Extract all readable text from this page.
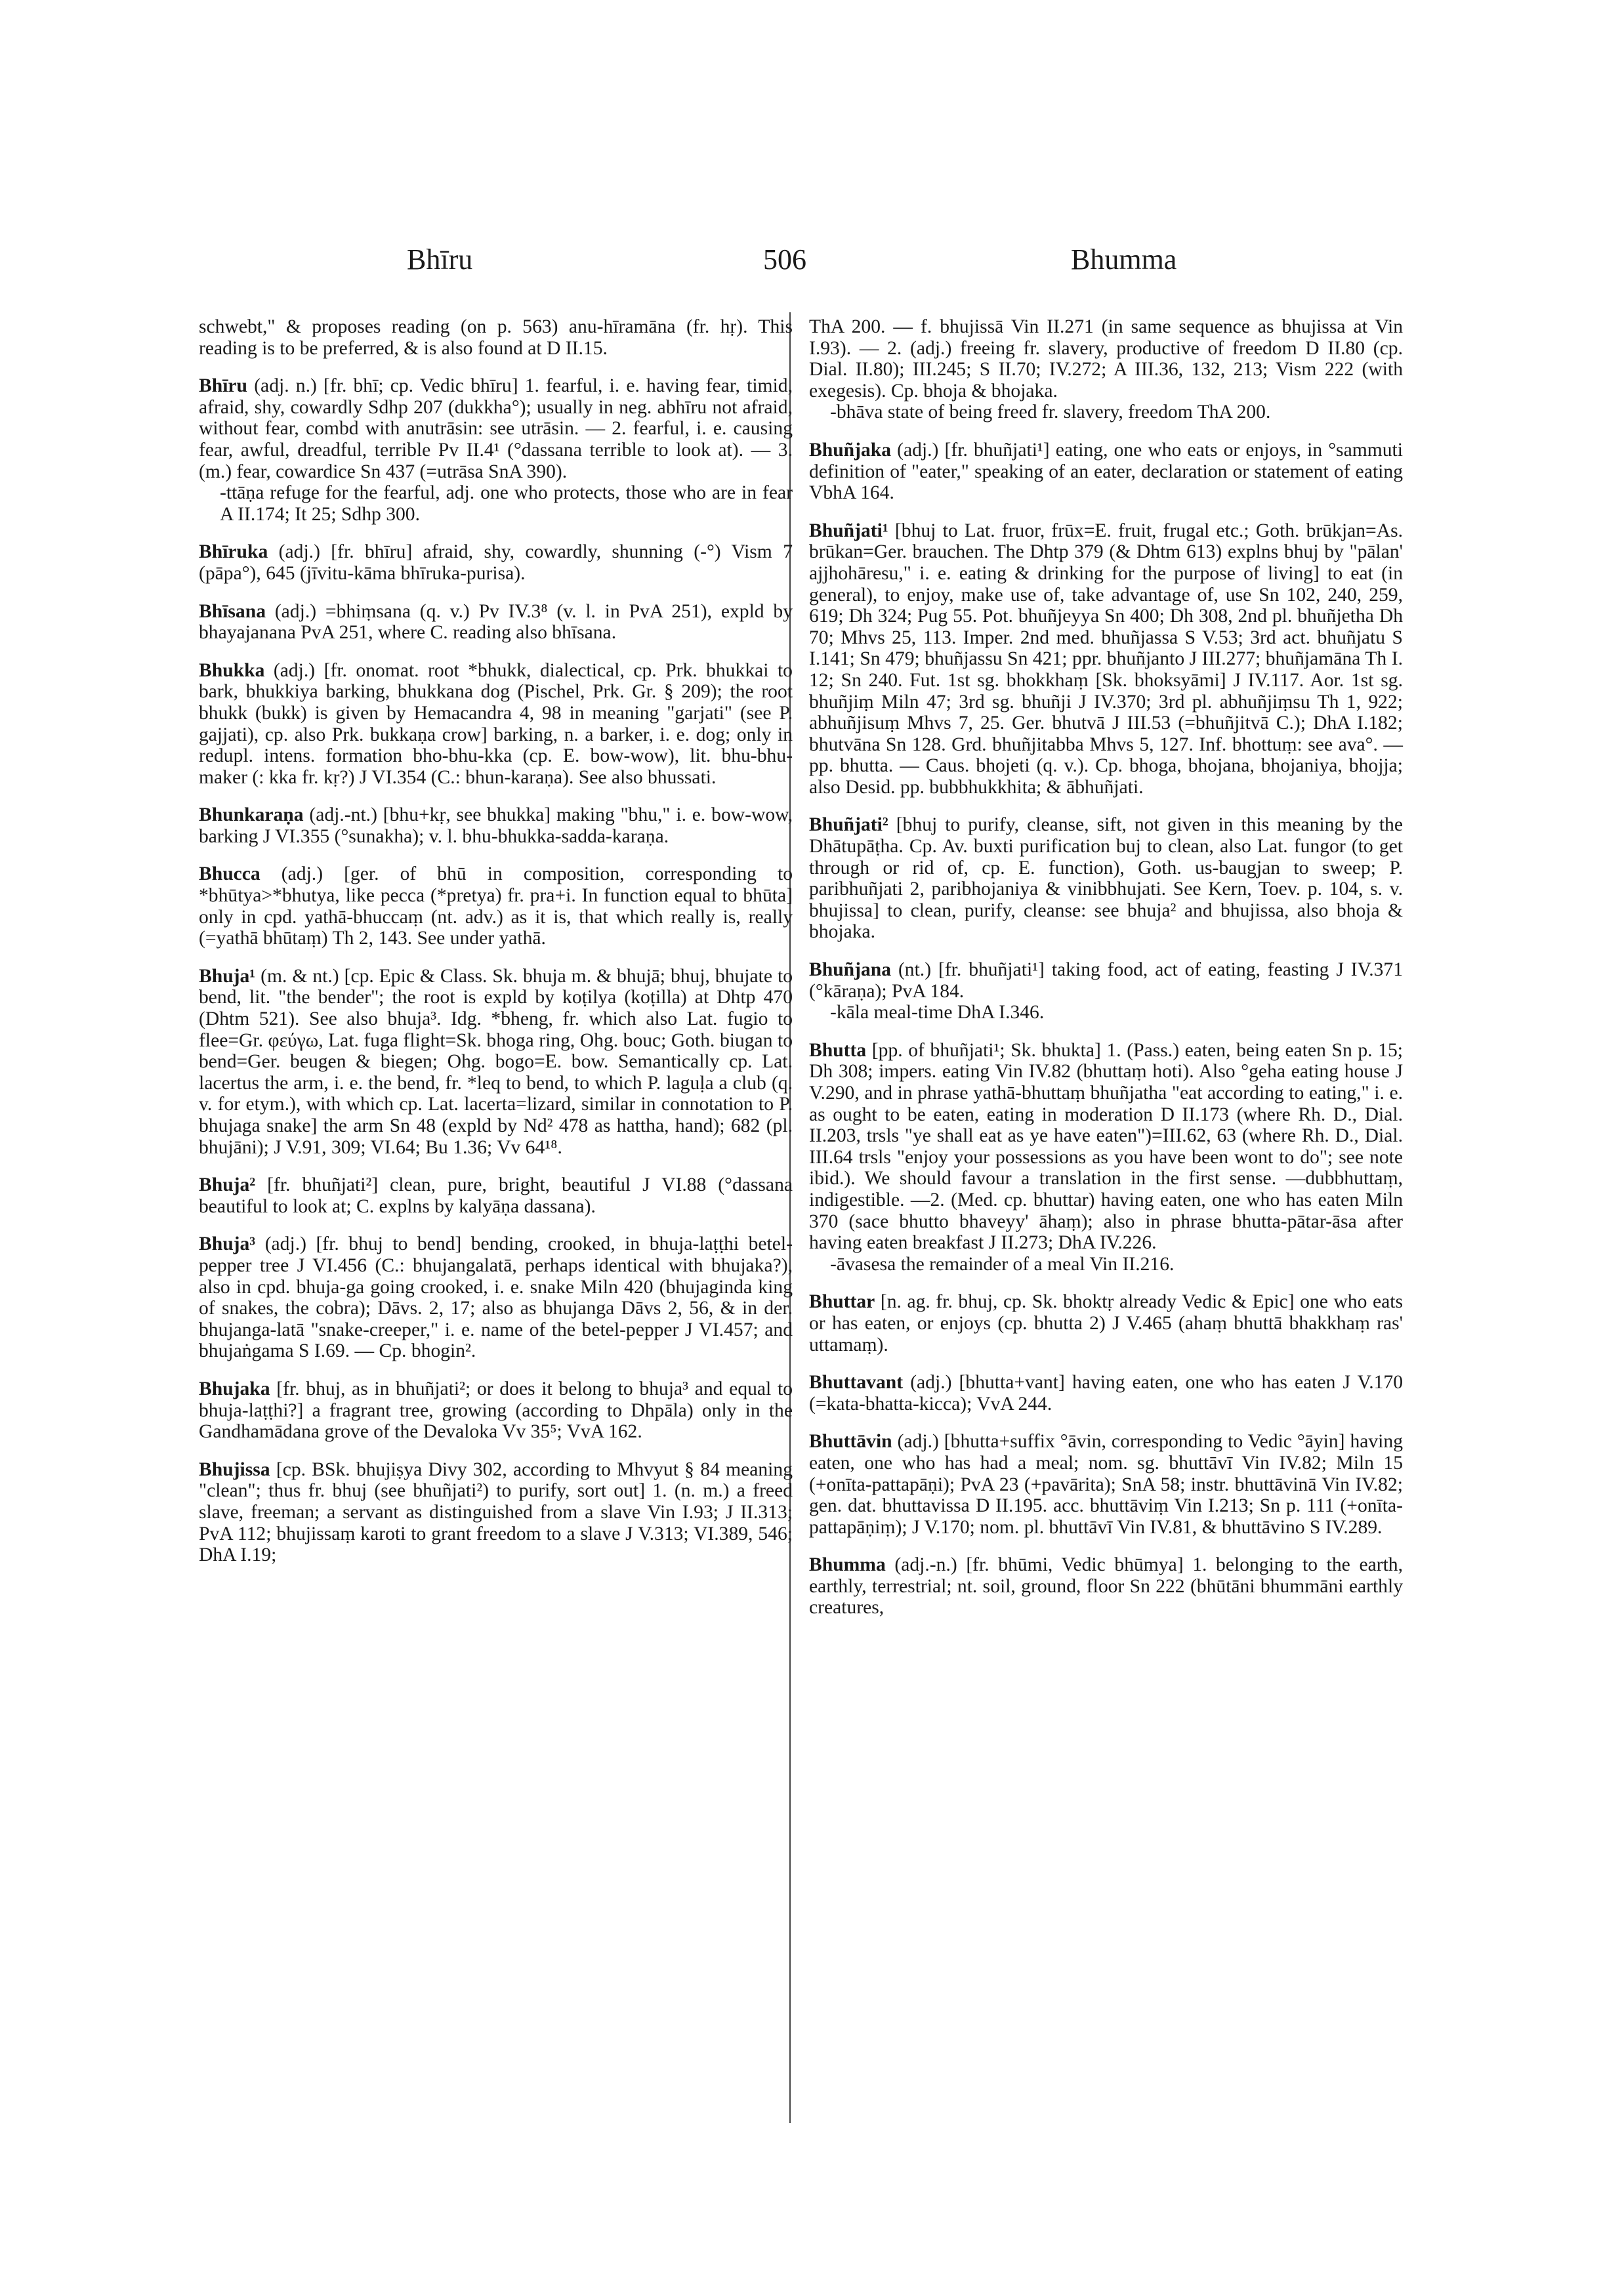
Bhīru	506	Bhumma

schwebt," & proposes reading (on p. 563) anu-hīramāna (fr. hṛ). This reading is to be preferred, & is also found at D II.15.

Bhīru (adj. n.) [fr. bhī; cp. Vedic bhīru] 1. fearful, i. e. having fear, timid, afraid, shy, cowardly Sdhp 207 (dukkha°); usually in neg. abhīru not afraid, without fear, combd with anutrāsin: see utrāsin. — 2. fearful, i. e. causing fear, awful, dreadful, terrible Pv II.4¹ (°dassana terrible to look at). — 3. (m.) fear, cowardice Sn 437 (=utrāsa SnA 390).
-ttāṇa refuge for the fearful, adj. one who protects, those who are in fear A II.174; It 25; Sdhp 300.

Bhīruka (adj.) [fr. bhīru] afraid, shy, cowardly, shunning (-°) Vism 7 (pāpa°), 645 (jīvitu-kāma bhīruka-purisa).

Bhīsana (adj.) =bhiṃsana (q. v.) Pv IV.3⁸ (v. l. in PvA 251), expld by bhayajanana PvA 251, where C. reading also bhīsana.

Bhukka (adj.) [fr. onomat. root *bhukk, dialectical, cp. Prk. bhukkai to bark, bhukkiya barking, bhukkana dog (Pischel, Prk. Gr. § 209); the root bhukk (bukk) is given by Hemacandra 4, 98 in meaning "garjati" (see P. gajjati), cp. also Prk. bukkaṇa crow] barking, n. a barker, i. e. dog; only in redupl. intens. formation bho-bhu-kka (cp. E. bow-wow), lit. bhu-bhu-maker (: kka fr. kṛ?) J VI.354 (C.: bhun-karaṇa). See also bhussati.

Bhunkaraṇa (adj.-nt.) [bhu+kṛ, see bhukka] making "bhu," i. e. bow-wow, barking J VI.355 (°sunakha); v. l. bhu-bhukka-sadda-karaṇa.

Bhucca (adj.) [ger. of bhū in composition, corresponding to *bhūtya>*bhutya, like pecca (*pretya) fr. pra+i. In function equal to bhūta] only in cpd. yathā-bhuccaṃ (nt. adv.) as it is, that which really is, really (=yathā bhūtaṃ) Th 2, 143. See under yathā.

Bhuja¹ (m. & nt.) [cp. Epic & Class. Sk. bhuja m. & bhujā; bhuj, bhujate to bend, lit. "the bender"; the root is expld by koṭilya (koṭilla) at Dhtp 470 (Dhtm 521). See also bhuja³. Idg. *bheng, fr. which also Lat. fugio to flee=Gr. φεύγω, Lat. fuga flight=Sk. bhoga ring, Ohg. bouc; Goth. biugan to bend=Ger. beugen & biegen; Ohg. bogo=E. bow. Semantically cp. Lat. lacertus the arm, i. e. the bend, fr. *leq to bend, to which P. laguḷa a club (q. v. for etym.), with which cp. Lat. lacerta=lizard, similar in connotation to P. bhujaga snake] the arm Sn 48 (expld by Nd² 478 as hattha, hand); 682 (pl. bhujāni); J V.91, 309; VI.64; Bu 1.36; Vv 64¹⁸.

Bhuja² [fr. bhuñjati²] clean, pure, bright, beautiful J VI.88 (°dassana beautiful to look at; C. explns by kalyāṇa dassana).

Bhuja³ (adj.) [fr. bhuj to bend] bending, crooked, in bhuja-laṭṭhi betel-pepper tree J VI.456 (C.: bhujangalatā, perhaps identical with bhujaka?), also in cpd. bhuja-ga going crooked, i. e. snake Miln 420 (bhujaginda king of snakes, the cobra); Dāvs. 2, 17; also as bhujanga Dāvs 2, 56, & in der. bhujanga-latā "snake-creeper," i. e. name of the betel-pepper J VI.457; and bhujaṅgama S I.69. — Cp. bhogin².

Bhujaka [fr. bhuj, as in bhuñjati²; or does it belong to bhuja³ and equal to bhuja-laṭṭhi?] a fragrant tree, growing (according to Dhpāla) only in the Gandhamādana grove of the Devaloka Vv 35⁵; VvA 162.

Bhujissa [cp. BSk. bhujiṣya Divy 302, according to Mhvyut § 84 meaning "clean"; thus fr. bhuj (see bhuñjati²) to purify, sort out] 1. (n. m.) a freed slave, freeman; a servant as distinguished from a slave Vin I.93; J II.313; PvA 112; bhujissaṃ karoti to grant freedom to a slave J V.313; VI.389, 546; DhA I.19;

ThA 200. — f. bhujissā Vin II.271 (in same sequence as bhujissa at Vin I.93). — 2. (adj.) freeing fr. slavery, productive of freedom D II.80 (cp. Dial. II.80); III.245; S II.70; IV.272; A III.36, 132, 213; Vism 222 (with exegesis). Cp. bhoja & bhojaka.
-bhāva state of being freed fr. slavery, freedom ThA 200.

Bhuñjaka (adj.) [fr. bhuñjati¹] eating, one who eats or enjoys, in °sammuti definition of "eater," speaking of an eater, declaration or statement of eating VbhA 164.

Bhuñjati¹ [bhuj to Lat. fruor, frūx=E. fruit, frugal etc.; Goth. brūkjan=As. brūkan=Ger. brauchen. The Dhtp 379 (& Dhtm 613) explns bhuj by "pālan' ajjhohāresu," i. e. eating & drinking for the purpose of living] to eat (in general), to enjoy, make use of, take advantage of, use Sn 102, 240, 259, 619; Dh 324; Pug 55. Pot. bhuñjeyya Sn 400; Dh 308, 2nd pl. bhuñjetha Dh 70; Mhvs 25, 113. Imper. 2nd med. bhuñjassa S V.53; 3rd act. bhuñjatu S I.141; Sn 479; bhuñjassu Sn 421; ppr. bhuñjanto J III.277; bhuñjamāna Th I. 12; Sn 240. Fut. 1st sg. bhokkhaṃ [Sk. bhoksyāmi] J IV.117. Aor. 1st sg. bhuñjiṃ Miln 47; 3rd sg. bhuñji J IV.370; 3rd pl. abhuñjiṃsu Th 1, 922; abhuñjisuṃ Mhvs 7, 25. Ger. bhutvā J III.53 (=bhuñjitvā C.); DhA I.182; bhutvāna Sn 128. Grd. bhuñjitabba Mhvs 5, 127. Inf. bhottuṃ: see ava°. — pp. bhutta. — Caus. bhojeti (q. v.). Cp. bhoga, bhojana, bhojaniya, bhojja; also Desid. pp. bubbhukkhita; & ābhuñjati.

Bhuñjati² [bhuj to purify, cleanse, sift, not given in this meaning by the Dhātupāṭha. Cp. Av. buxti purification buj to clean, also Lat. fungor (to get through or rid of, cp. E. function), Goth. us-baugjan to sweep; P. paribhuñjati 2, paribhojaniya & vinibbhujati. See Kern, Toev. p. 104, s. v. bhujissa] to clean, purify, cleanse: see bhuja² and bhujissa, also bhoja & bhojaka.

Bhuñjana (nt.) [fr. bhuñjati¹] taking food, act of eating, feasting J IV.371 (°kāraṇa); PvA 184.
-kāla meal-time DhA I.346.

Bhutta [pp. of bhuñjati¹; Sk. bhukta] 1. (Pass.) eaten, being eaten Sn p. 15; Dh 308; impers. eating Vin IV.82 (bhuttaṃ hoti). Also °geha eating house J V.290, and in phrase yathā-bhuttaṃ bhuñjatha "eat according to eating," i. e. as ought to be eaten, eating in moderation D II.173 (where Rh. D., Dial. II.203, trsls "ye shall eat as ye have eaten")=III.62, 63 (where Rh. D., Dial. III.64 trsls "enjoy your possessions as you have been wont to do"; see note ibid.). We should favour a translation in the first sense. —dubbhuttaṃ, indigestible. —2. (Med. cp. bhuttar) having eaten, one who has eaten Miln 370 (sace bhutto bhaveyy' āhaṃ); also in phrase bhutta-pātar-āsa after having eaten breakfast J II.273; DhA IV.226.
-āvasesa the remainder of a meal Vin II.216.

Bhuttar [n. ag. fr. bhuj, cp. Sk. bhoktṛ already Vedic & Epic] one who eats or has eaten, or enjoys (cp. bhutta 2) J V.465 (ahaṃ bhuttā bhakkhaṃ ras' uttamaṃ).

Bhuttavant (adj.) [bhutta+vant] having eaten, one who has eaten J V.170 (=kata-bhatta-kicca); VvA 244.

Bhuttāvin (adj.) [bhutta+suffix °āvin, corresponding to Vedic °āyin] having eaten, one who has had a meal; nom. sg. bhuttāvī Vin IV.82; Miln 15 (+onīta-pattapāṇi); PvA 23 (+pavārita); SnA 58; instr. bhuttāvinā Vin IV.82; gen. dat. bhuttavissa D II.195. acc. bhuttāviṃ Vin I.213; Sn p. 111 (+onīta-pattapāṇiṃ); J V.170; nom. pl. bhuttāvī Vin IV.81, & bhuttāvino S IV.289.

Bhumma (adj.-n.) [fr. bhūmi, Vedic bhūmya] 1. belonging to the earth, earthly, terrestrial; nt. soil, ground, floor Sn 222 (bhūtāni bhummāni earthly creatures,
